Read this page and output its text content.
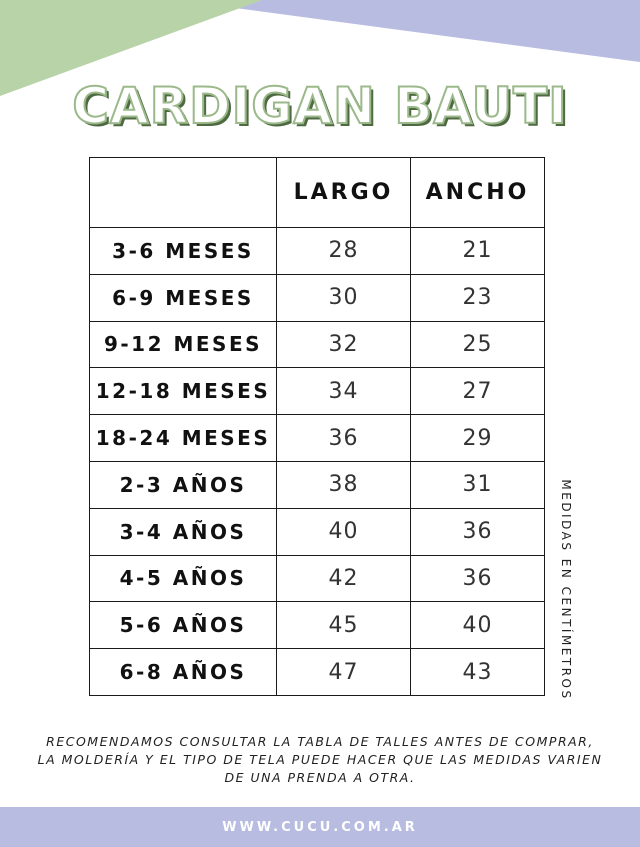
CARDIGAN BAUTI
	LARGO	ANCHO
3-6 MESES	28	21
6-9 MESES	30	23
9-12 MESES	32	25
12-18 MESES	34	27
18-24 MESES	36	29
2-3 AÑOS	38	31
3-4 AÑOS	40	36
4-5 AÑOS	42	36
5-6 AÑOS	45	40
6-8 AÑOS	47	43	MEDIDAS EN CENTÍMETROS
RECOMENDAMOS CONSULTAR LA TABLA DE TALLES ANTES DE COMPRAR,
LA MOLDERÍA Y EL TIPO DE TELA PUEDE HACER QUE LAS MEDIDAS VARIEN
DE UNA PRENDA A OTRA.
WWW.CUCU.COM.AR
